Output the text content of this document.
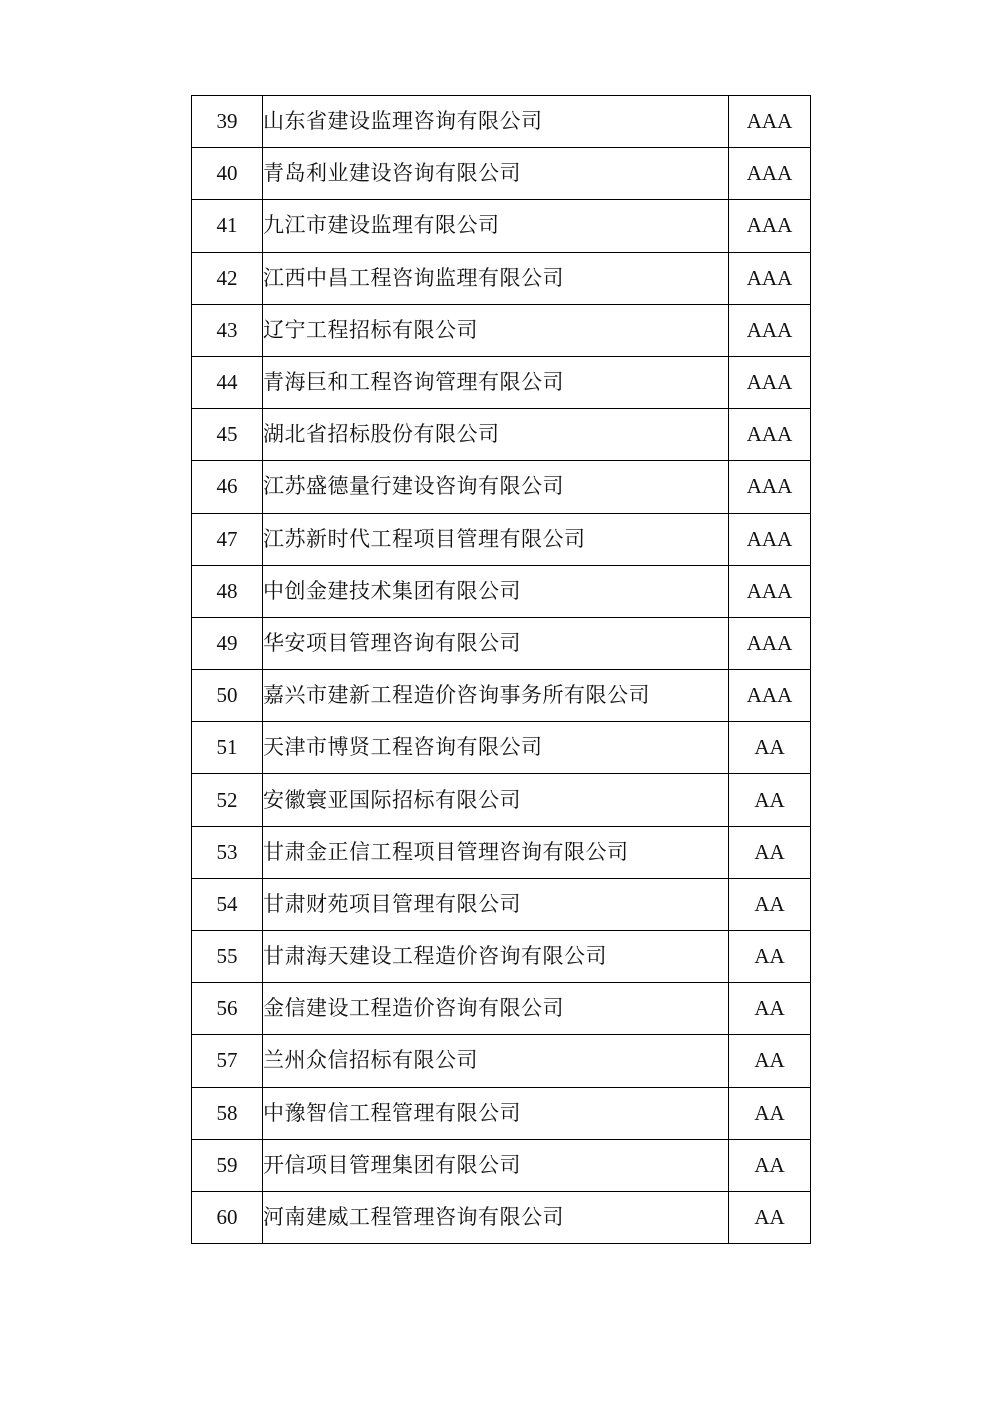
39	山东省建设监理咨询有限公司	AAA
40	青岛利业建设咨询有限公司	AAA
41	九江市建设监理有限公司	AAA
42	江西中昌工程咨询监理有限公司	AAA
43	辽宁工程招标有限公司	AAA
44	青海巨和工程咨询管理有限公司	AAA
45	湖北省招标股份有限公司	AAA
46	江苏盛德量行建设咨询有限公司	AAA
47	江苏新时代工程项目管理有限公司	AAA
48	中创金建技术集团有限公司	AAA
49	华安项目管理咨询有限公司	AAA
50	嘉兴市建新工程造价咨询事务所有限公司	AAA
51	天津市博贤工程咨询有限公司	AA
52	安徽寰亚国际招标有限公司	AA
53	甘肃金正信工程项目管理咨询有限公司	AA
54	甘肃财苑项目管理有限公司	AA
55	甘肃海天建设工程造价咨询有限公司	AA
56	金信建设工程造价咨询有限公司	AA
57	兰州众信招标有限公司	AA
58	中豫智信工程管理有限公司	AA
59	开信项目管理集团有限公司	AA
60	河南建威工程管理咨询有限公司	AA
